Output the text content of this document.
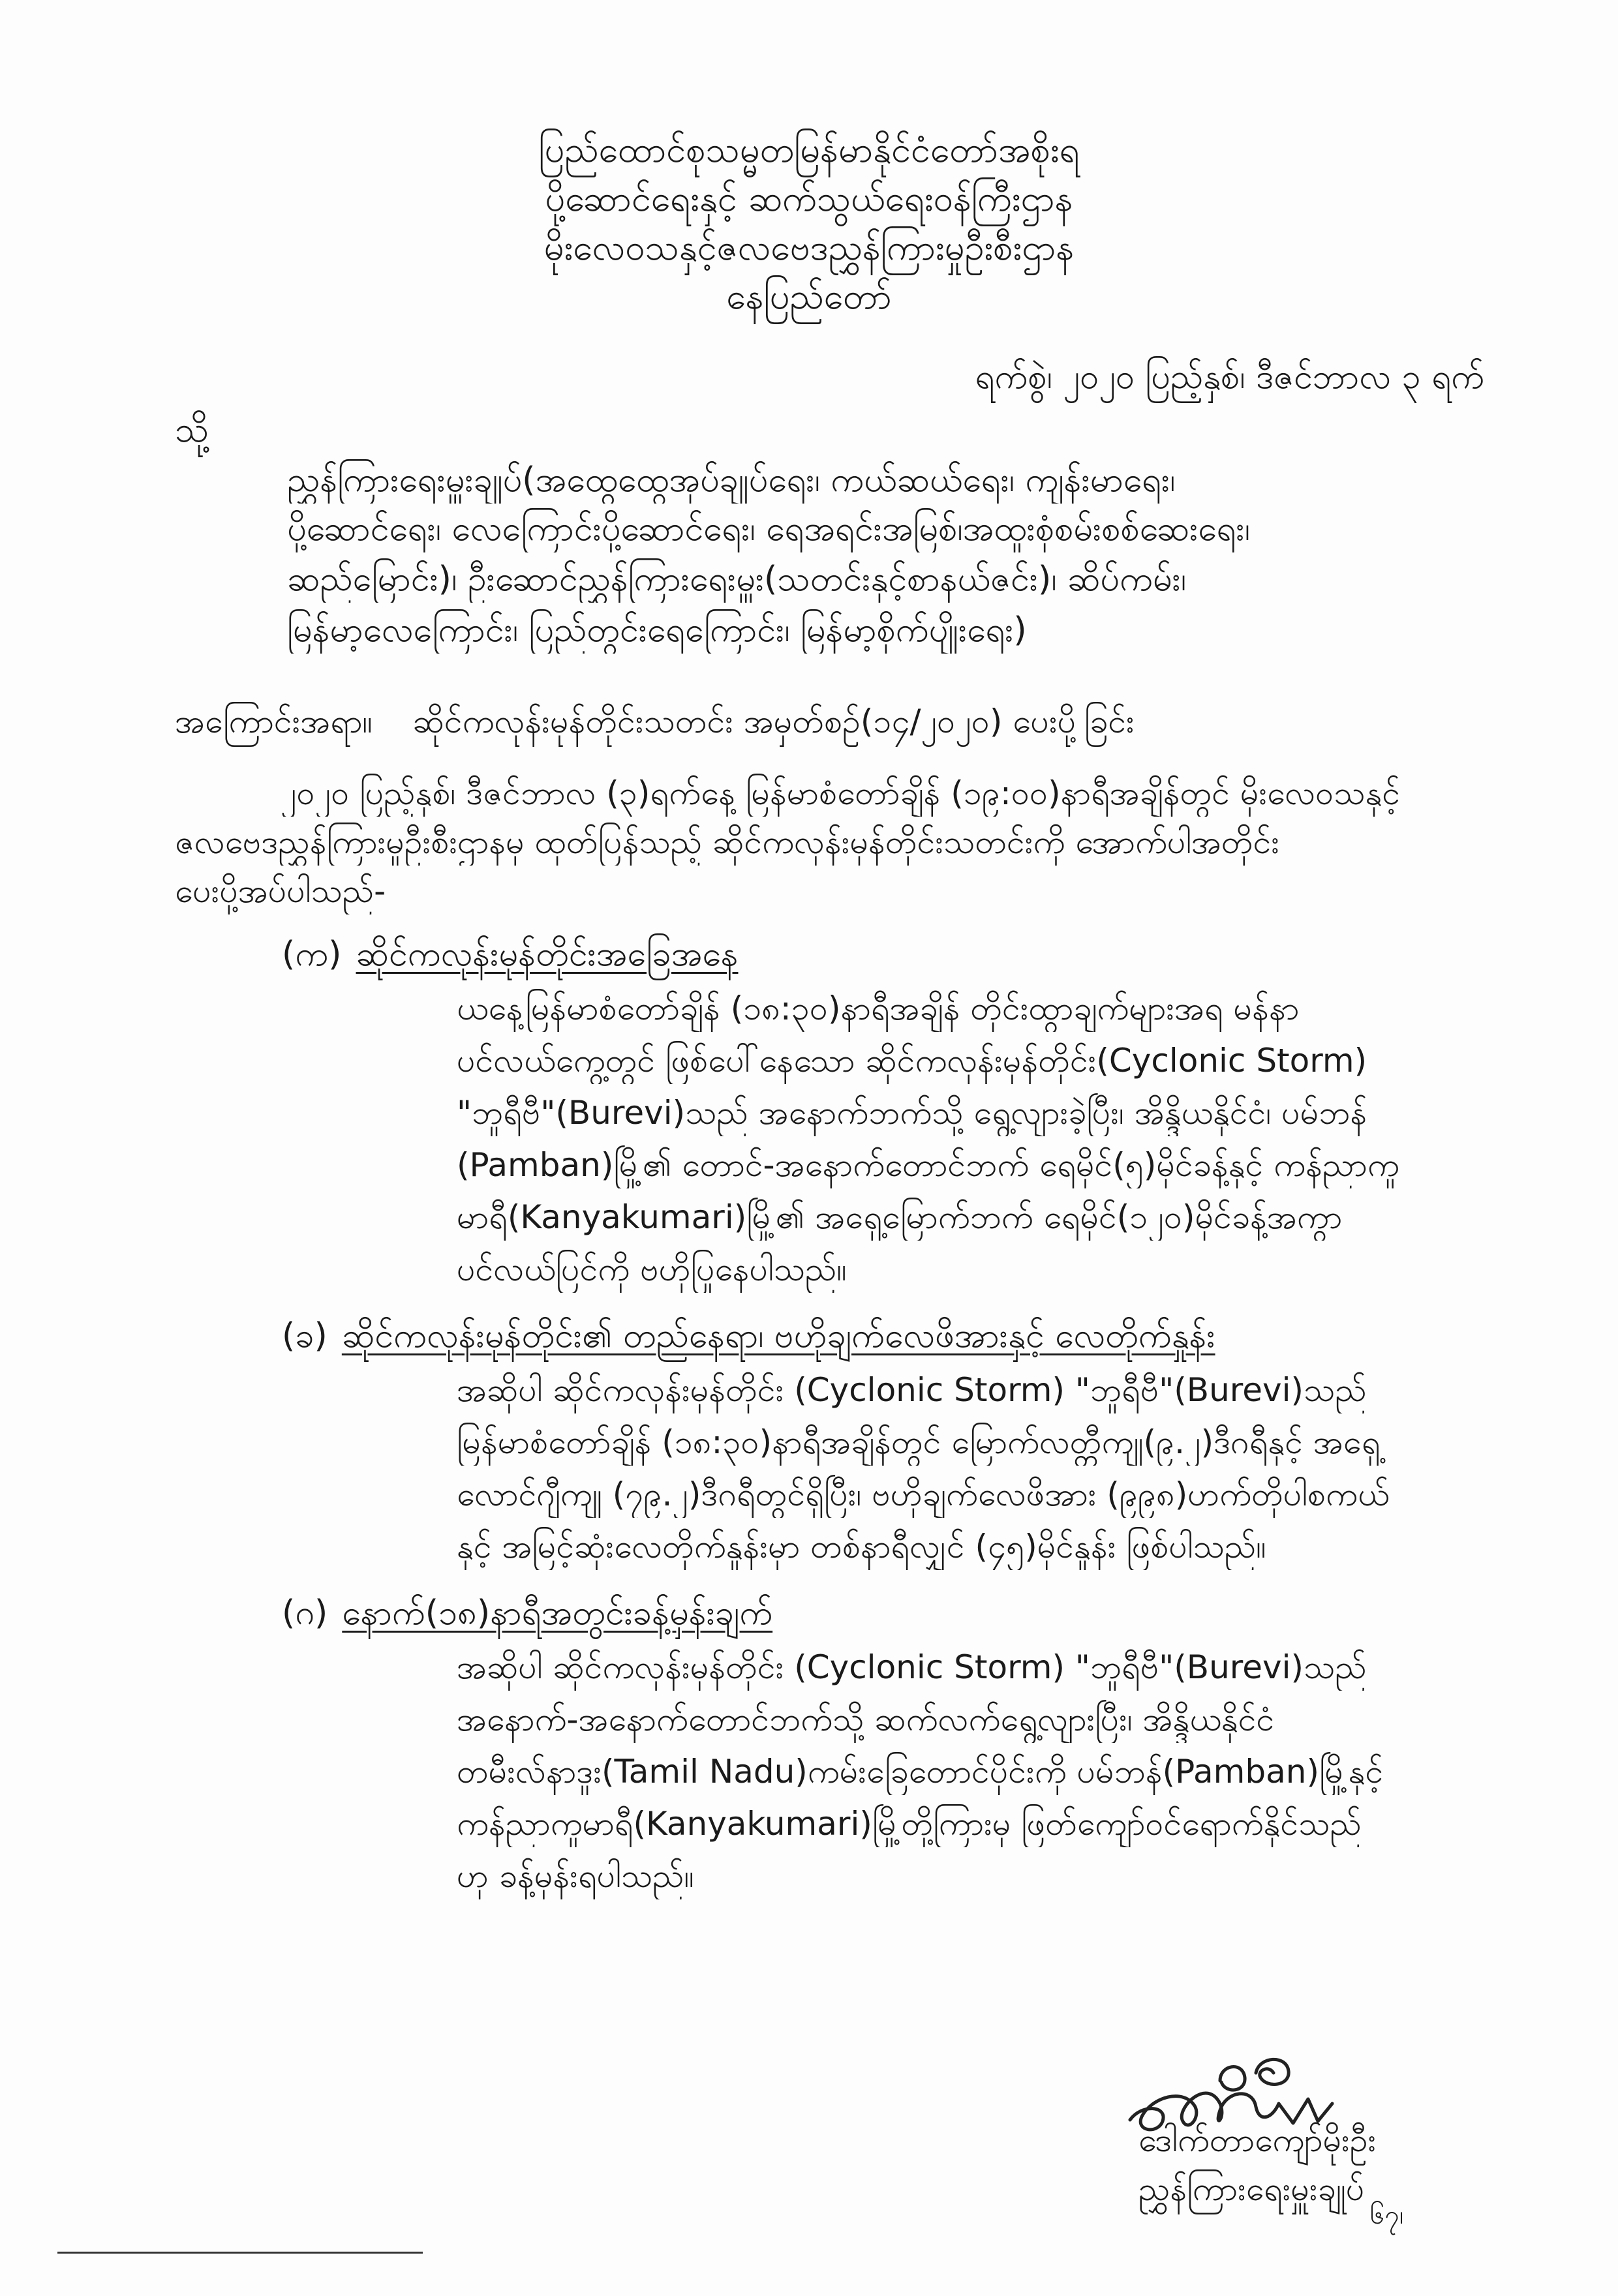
ပြည်ထောင်စုသမ္မတမြန်မာနိုင်ငံတော်အစိုးရ
ပို့ဆောင်ရေးနှင့် ဆက်သွယ်ရေးဝန်ကြီးဌာန
မိုးလေဝသနှင့်ဇလဗေဒညွှန်ကြားမှုဦးစီးဌာန
နေပြည်တော်
ရက်စွဲ၊ ၂၀၂၀ ပြည့်နှစ်၊ ဒီဇင်ဘာလ ၃ ရက်
သို့
ညွှန်ကြားရေးမှူးချုပ်(အထွေထွေအုပ်ချုပ်ရေး၊ ကယ်ဆယ်ရေး၊ ကျန်းမာရေး၊
ပို့ဆောင်ရေး၊ လေကြောင်းပို့ဆောင်ရေး၊ ရေအရင်းအမြစ်၊အထူးစုံစမ်းစစ်ဆေးရေး၊
ဆည်မြောင်း)၊ ဦးဆောင်ညွှန်ကြားရေးမှူး(သတင်းနှင့်စာနယ်ဇင်း)၊ ဆိပ်ကမ်း၊
မြန်မာ့လေကြောင်း၊ ပြည်တွင်းရေကြောင်း၊ မြန်မာ့စိုက်ပျိုးရေး)
အကြောင်းအရာ။ ဆိုင်ကလုန်းမုန်တိုင်းသတင်း အမှတ်စဉ်(၁၄/၂၀၂၀) ပေးပို့ခြင်း
၂၀၂၀ ပြည့်နှစ်၊ ဒီဇင်ဘာလ (၃)ရက်နေ့ မြန်မာစံတော်ချိန် (၁၉:၀၀)နာရီအချိန်တွင် မိုးလေဝသနှင့်
ဇလဗေဒညွှန်ကြားမှုဦးစီးဌာနမှ ထုတ်ပြန်သည့် ဆိုင်ကလုန်းမုန်တိုင်းသတင်းကို အောက်ပါအတိုင်း
ပေးပို့အပ်ပါသည်-
(က) ဆိုင်ကလုန်းမုန်တိုင်းအခြေအနေ
ယနေ့မြန်မာစံတော်ချိန် (၁၈:၃၀)နာရီအချိန် တိုင်းထွာချက်များအရ မန်နာ
ပင်လယ်ကွေ့တွင် ဖြစ်ပေါ်နေသော ဆိုင်ကလုန်းမုန်တိုင်း(Cyclonic Storm)
"ဘူရီဗီ"(Burevi)သည် အနောက်ဘက်သို့ ရွေ့လျားခဲ့ပြီး၊ အိန္ဒိယနိုင်ငံ၊ ပမ်ဘန်
(Pamban)မြို့၏ တောင်-အနောက်တောင်ဘက် ရေမိုင်(၅)မိုင်ခန့်နှင့် ကန်ညာကူ
မာရီ(Kanyakumari)မြို့၏ အရှေ့မြောက်ဘက် ရေမိုင်(၁၂၀)မိုင်ခန့်အကွာ
ပင်လယ်ပြင်ကို ဗဟိုပြုနေပါသည်။
(ခ) ဆိုင်ကလုန်းမုန်တိုင်း၏ တည်နေရာ၊ ဗဟိုချက်လေဖိအားနှင့် လေတိုက်နှုန်း
အဆိုပါ ဆိုင်ကလုန်းမုန်တိုင်း (Cyclonic Storm) "ဘူရီဗီ"(Burevi)သည်
မြန်မာစံတော်ချိန် (၁၈:၃၀)နာရီအချိန်တွင် မြောက်လတ္တီကျု(၉.၂)ဒီဂရီနှင့် အရှေ့
လောင်ဂျီကျု (၇၉.၂)ဒီဂရီတွင်ရှိပြီး၊ ဗဟိုချက်လေဖိအား (၉၉၈)ဟက်တိုပါစကယ်
နှင့် အမြင့်ဆုံးလေတိုက်နှုန်းမှာ တစ်နာရီလျှင် (၄၅)မိုင်နှုန်း ဖြစ်ပါသည်။
(ဂ) နောက်(၁၈)နာရီအတွင်းခန့်မှန်းချက်
အဆိုပါ ဆိုင်ကလုန်းမုန်တိုင်း (Cyclonic Storm) "ဘူရီဗီ"(Burevi)သည်
အနောက်-အနောက်တောင်ဘက်သို့ ဆက်လက်ရွေ့လျားပြီး၊ အိန္ဒိယနိုင်ငံ
တမီးလ်နာဒူး(Tamil Nadu)ကမ်းခြေတောင်ပိုင်းကို ပမ်ဘန်(Pamban)မြို့နှင့်
ကန်ညာကူမာရီ(Kanyakumari)မြို့တို့ကြားမှ ဖြတ်ကျော်ဝင်ရောက်နိုင်သည်
ဟု ခန့်မှန်းရပါသည်။
ဒေါက်တာကျော်မိုးဦး
ညွှန်ကြားရေးမှူးချုပ်
၆၇၊
